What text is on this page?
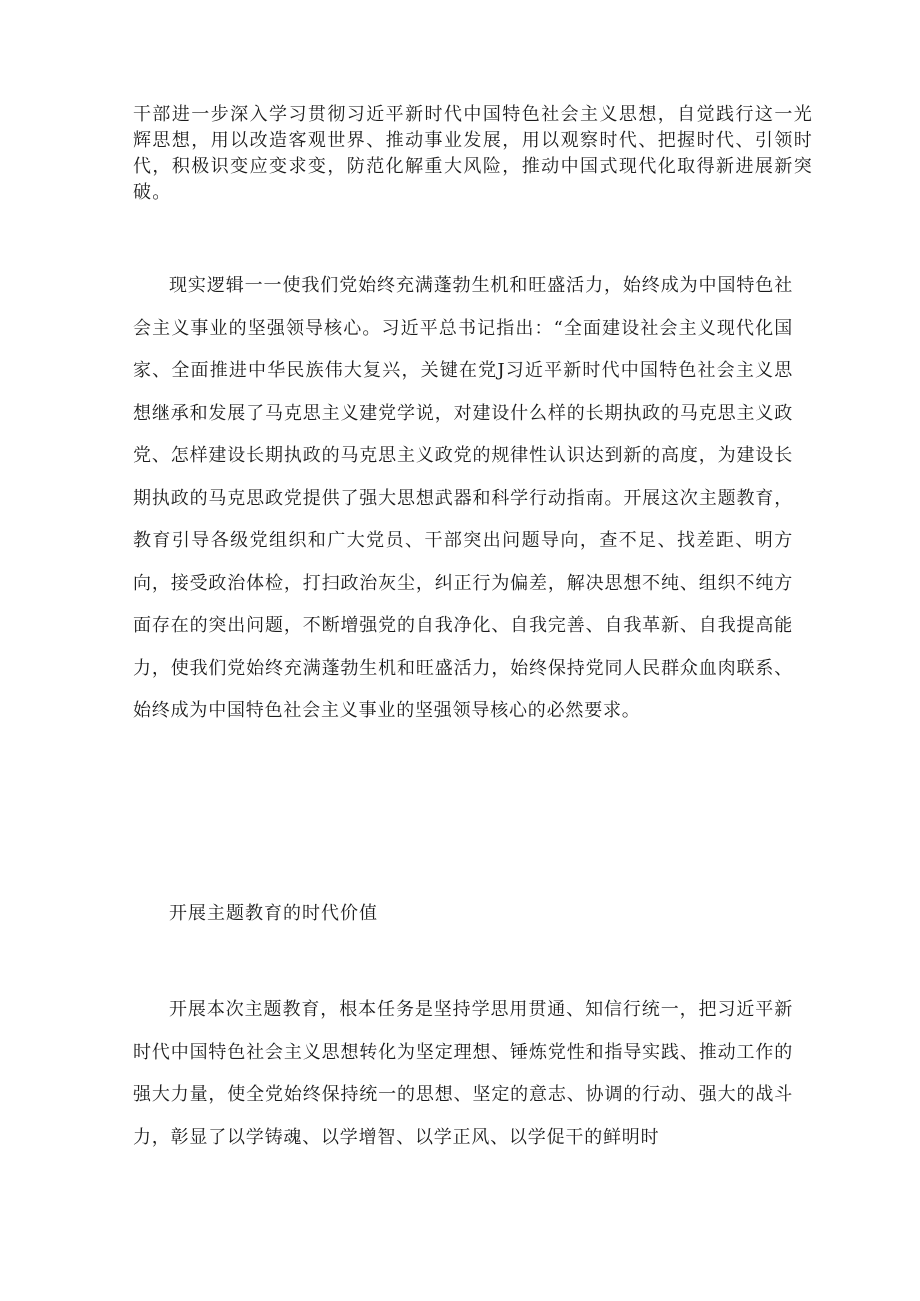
干部进一步深入学习贯彻习近平新时代中国特色社会主义思想，自觉践行这一光辉思想，用以改造客观世界、推动事业发展，用以观察时代、把握时代、引领时代，积极识变应变求变，防范化解重大风险，推动中国式现代化取得新进展新突破。

现实逻辑一一使我们党始终充满蓬勃生机和旺盛活力，始终成为中国特色社会主义事业的坚强领导核心。习近平总书记指出：“全面建设社会主义现代化国家、全面推进中华民族伟大复兴，关键在党J习近平新时代中国特色社会主义思想继承和发展了马克思主义建党学说，对建设什么样的长期执政的马克思主义政党、怎样建设长期执政的马克思主义政党的规律性认识达到新的高度，为建设长期执政的马克思政党提供了强大思想武器和科学行动指南。开展这次主题教育，教育引导各级党组织和广大党员、干部突出问题导向，查不足、找差距、明方向，接受政治体检，打扫政治灰尘，纠正行为偏差，解决思想不纯、组织不纯方面存在的突出问题，不断增强党的自我净化、自我完善、自我革新、自我提高能力，使我们党始终充满蓬勃生机和旺盛活力，始终保持党同人民群众血肉联系、始终成为中国特色社会主义事业的坚强领导核心的必然要求。

开展主题教育的时代价值

开展本次主题教育，根本任务是坚持学思用贯通、知信行统一，把习近平新时代中国特色社会主义思想转化为坚定理想、锤炼党性和指导实践、推动工作的强大力量，使全党始终保持统一的思想、坚定的意志、协调的行动、强大的战斗力，彰显了以学铸魂、以学增智、以学正风、以学促干的鲜明时
